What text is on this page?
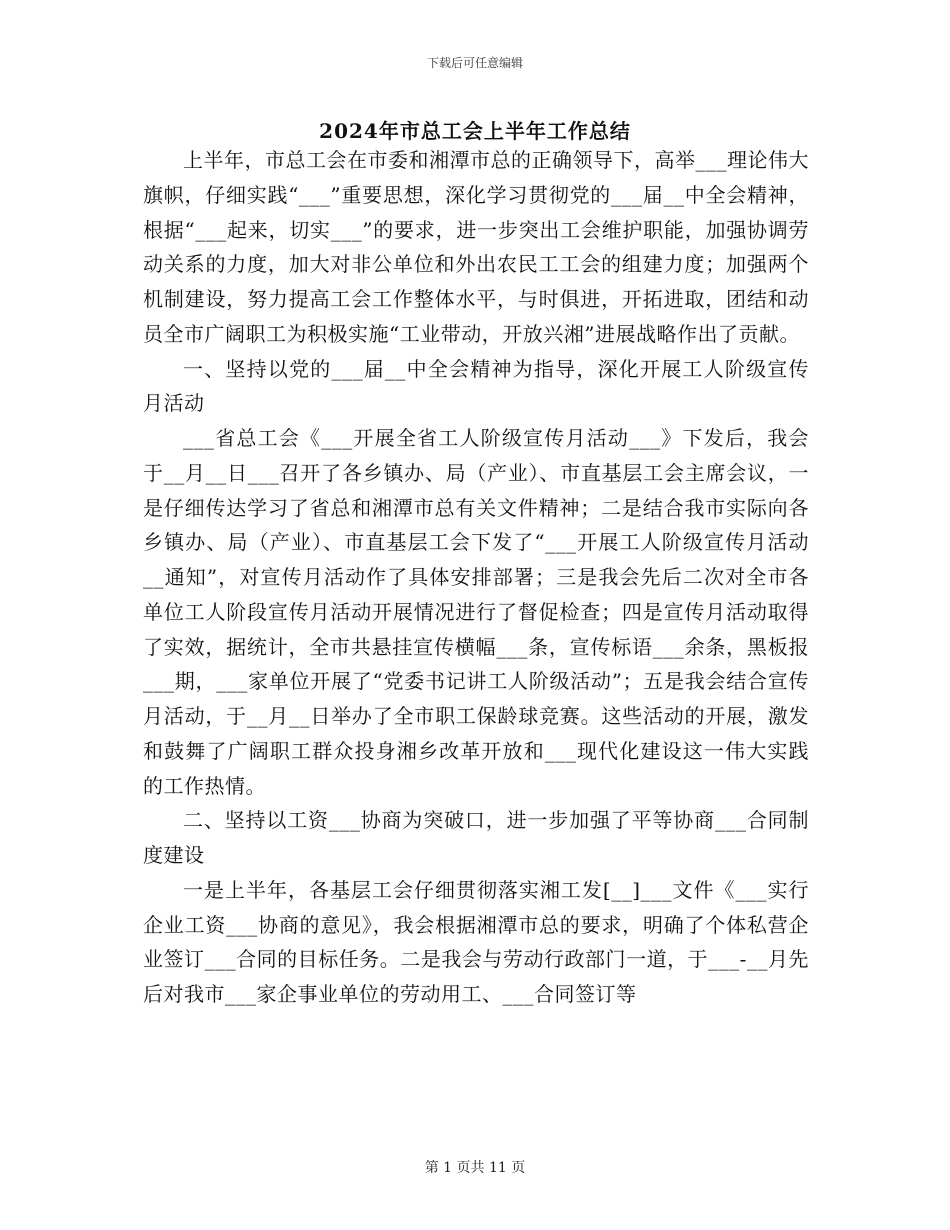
下载后可任意编辑
2024年市总工会上半年工作总结

上半年，市总工会在市委和湘潭市总的正确领导下，高举___理论伟大旗帜，仔细实践“___”重要思想，深化学习贯彻党的___届__中全会精神，根据“___起来，切实___”的要求，进一步突出工会维护职能，加强协调劳动关系的力度，加大对非公单位和外出农民工工会的组建力度；加强两个机制建设，努力提高工会工作整体水平，与时俱进，开拓进取，团结和动员全市广阔职工为积极实施“工业带动，开放兴湘”进展战略作出了贡献。

一、坚持以党的___届__中全会精神为指导，深化开展工人阶级宣传月活动

___省总工会《___开展全省工人阶级宣传月活动___》下发后，我会于__月__日___召开了各乡镇办、局（产业）、市直基层工会主席会议，一是仔细传达学习了省总和湘潭市总有关文件精神；二是结合我市实际向各乡镇办、局（产业）、市直基层工会下发了“___开展工人阶级宣传月活动__通知”，对宣传月活动作了具体安排部署；三是我会先后二次对全市各单位工人阶段宣传月活动开展情况进行了督促检查；四是宣传月活动取得了实效，据统计，全市共悬挂宣传横幅___条，宣传标语___余条，黑板报___期，___家单位开展了“党委书记讲工人阶级活动”；五是我会结合宣传月活动，于__月__日举办了全市职工保龄球竞赛。这些活动的开展，激发和鼓舞了广阔职工群众投身湘乡改革开放和___现代化建设这一伟大实践的工作热情。

二、坚持以工资___协商为突破口，进一步加强了平等协商___合同制度建设

一是上半年，各基层工会仔细贯彻落实湘工发[__]___文件《___实行企业工资___协商的意见》，我会根据湘潭市总的要求，明确了个体私营企业签订___合同的目标任务。二是我会与劳动行政部门一道，于___-__月先后对我市___家企事业单位的劳动用工、___合同签订等

第 1 页共 11 页
